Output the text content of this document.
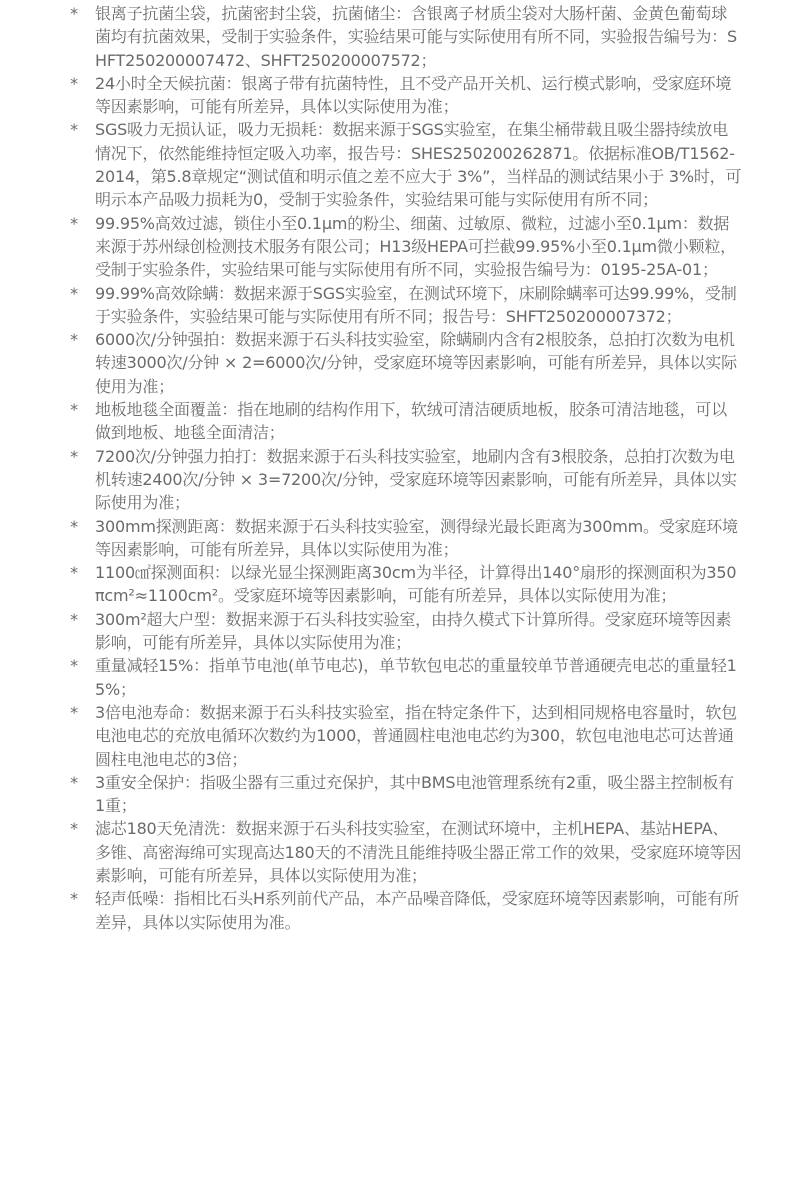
* 银离子抗菌尘袋，抗菌密封尘袋，抗菌储尘：含银离子材质尘袋对大肠杆菌、金黄色葡萄球菌均有抗菌效果，受制于实验条件，实验结果可能与实际使用有所不同，实验报告编号为：SHFT250200007472、SHFT250200007572；
* 24小时全天候抗菌：银离子带有抗菌特性，且不受产品开关机、运行模式影响，受家庭环境等因素影响，可能有所差异，具体以实际使用为准；
* SGS吸力无损认证，吸力无损耗：数据来源于SGS实验室，在集尘桶带载且吸尘器持续放电情况下，依然能维持恒定吸入功率，报告号：SHES250200262871。依据标准OB/T1562-2014，第5.8章规定“测试值和明示值之差不应大于 3%”，当样品的测试结果小于 3%时，可明示本产品吸力损耗为0，受制于实验条件，实验结果可能与实际使用有所不同；
* 99.95%高效过滤，锁住小至0.1μm的粉尘、细菌、过敏原、微粒，过滤小至0.1μm：数据来源于苏州绿创检测技术服务有限公司；H13级HEPA可拦截99.95%小至0.1μm微小颗粒，受制于实验条件，实验结果可能与实际使用有所不同，实验报告编号为：0195-25A-01；
* 99.99%高效除螨：数据来源于SGS实验室，在测试环境下，床刷除螨率可达99.99%，受制于实验条件，实验结果可能与实际使用有所不同；报告号：SHFT250200007372；
* 6000次/分钟强拍：数据来源于石头科技实验室，除螨刷内含有2根胶条，总拍打次数为电机转速3000次/分钟 × 2=6000次/分钟，受家庭环境等因素影响，可能有所差异，具体以实际使用为准；
* 地板地毯全面覆盖：指在地刷的结构作用下，软绒可清洁硬质地板，胶条可清洁地毯，可以做到地板、地毯全面清洁；
* 7200次/分钟强力拍打：数据来源于石头科技实验室，地刷内含有3根胶条，总拍打次数为电机转速2400次/分钟 × 3=7200次/分钟，受家庭环境等因素影响，可能有所差异，具体以实际使用为准；
* 300mm探测距离：数据来源于石头科技实验室，测得绿光最长距离为300mm。受家庭环境等因素影响，可能有所差异，具体以实际使用为准；
* 1100㎠探测面积：以绿光显尘探测距离30cm为半径，计算得出140°扇形的探测面积为350πcm²≈1100cm²。受家庭环境等因素影响，可能有所差异，具体以实际使用为准；
* 300m²超大户型：数据来源于石头科技实验室，由持久模式下计算所得。受家庭环境等因素影响，可能有所差异，具体以实际使用为准；
* 重量减轻15%：指单节电池(单节电芯)，单节软包电芯的重量较单节普通硬壳电芯的重量轻15%；
* 3倍电池寿命：数据来源于石头科技实验室，指在特定条件下，达到相同规格电容量时，软包电池电芯的充放电循环次数约为1000，普通圆柱电池电芯约为300，软包电池电芯可达普通圆柱电池电芯的3倍；
* 3重安全保护：指吸尘器有三重过充保护，其中BMS电池管理系统有2重，吸尘器主控制板有1重；
* 滤芯180天免清洗：数据来源于石头科技实验室，在测试环境中，主机HEPA、基站HEPA、多锥、高密海绵可实现高达180天的不清洗且能维持吸尘器正常工作的效果，受家庭环境等因素影响，可能有所差异，具体以实际使用为准；
* 轻声低噪：指相比石头H系列前代产品，本产品噪音降低，受家庭环境等因素影响，可能有所差异，具体以实际使用为准。
